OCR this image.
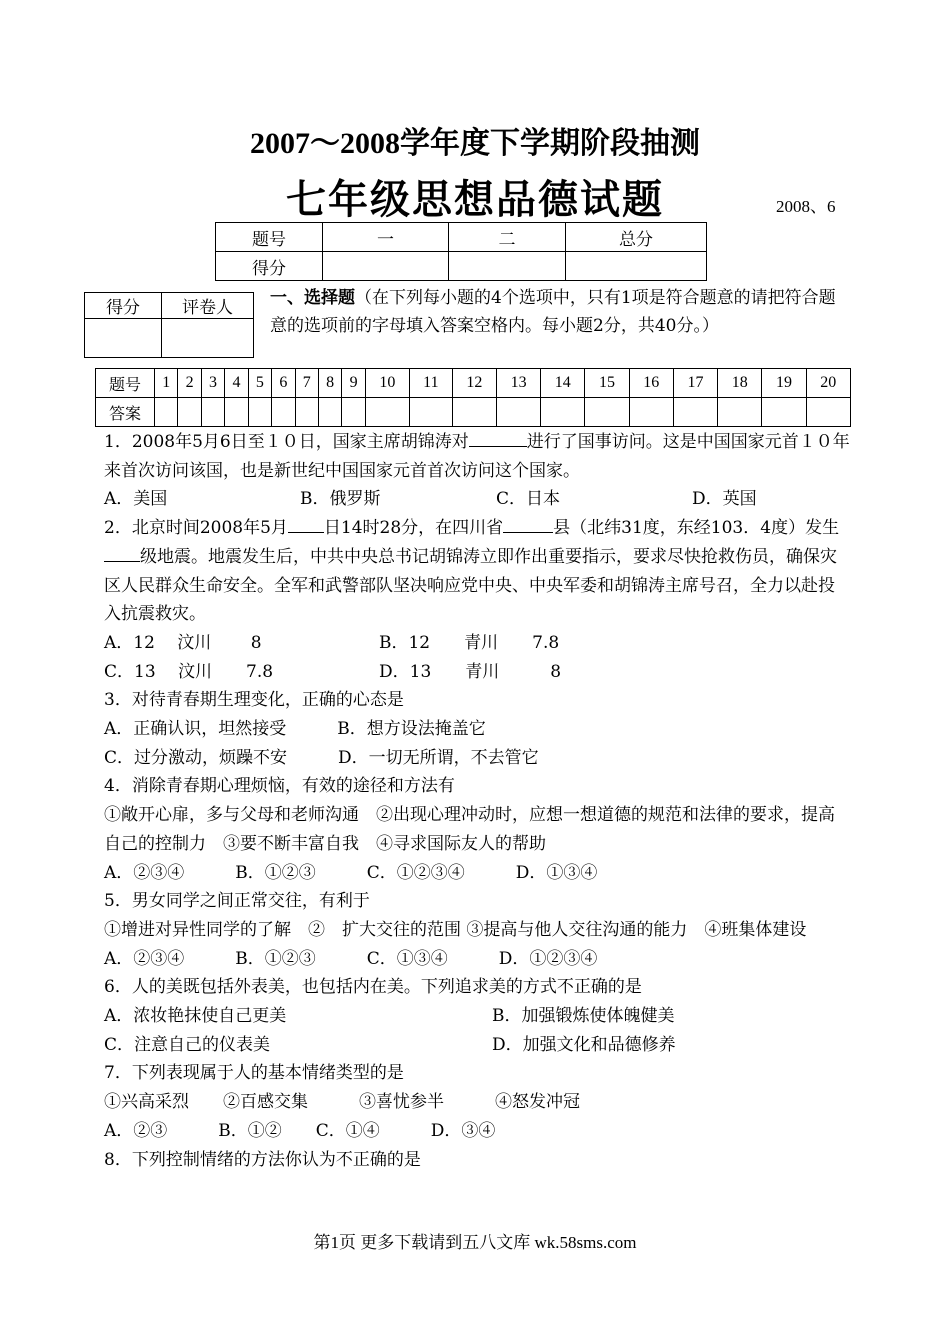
2007～2008学年度下学期阶段抽测
七年级思想品德试题	2008、6
题号	一	二	总分
得分			
得分	评卷人
	一、选择题（在下列每小题的4个选项中，只有1项是符合题意的请把符合题意的选项前的字母填入答案空格内。每小题2分，共40分。）
题号	1	2	3	4	5	6	7	8	9	10	11	12	13	14	15	16	17	18	19	20
答案																				

1．2008年5月6日至１０日，国家主席胡锦涛对	进行了国事访问。这是中国国家元首１０年来首次访问该国，也是新世纪中国国家元首首次访问这个国家。

A．美国	B．俄罗斯	C．日本	D．英国

2．北京时间2008年5月 日14时28分，在四川省	县（北纬31度，东经103．4度）发生级地震。地震发生后，中共中央总书记胡锦涛立即作出重要指示，要求尽快抢救伤员，确保灾区人民群众生命安全。全军和武警部队坚决响应党中央、中央军委和胡锦涛主席号召，全力以赴投入抗震救灾。

A．12　 汶川　　 8	B．12　　青川　　7.8

C．13　 汶川　　7.8	D．13　　青川　　　8

3．对待青春期生理变化，正确的心态是

A．正确认识，坦然接受　　　B．想方设法掩盖它

C．过分激动，烦躁不安　　　D．一切无所谓，不去管它

4．消除青春期心理烦恼，有效的途径和方法有

①敞开心扉，多与父母和老师沟通　②出现心理冲动时，应想一想道德的规范和法律的要求，提高自己的控制力　③要不断丰富自我　④寻求国际友人的帮助

A．②③④　　　B．①②③　　　C．①②③④　　　D．①③④

5．男女同学之间正常交往，有利于

①增进对异性同学的了解　②　扩大交往的范围 ③提高与他人交往沟通的能力　④班集体建设

A．②③④　　　B．①②③　　　C．①③④　　　D．①②③④

6．人的美既包括外表美，也包括内在美。下列追求美的方式不正确的是

A．浓妆艳抹使自己更美	B．加强锻炼使体魄健美

C．注意自己的仪表美	D．加强文化和品德修养

7．下列表现属于人的基本情绪类型的是

①兴高采烈　　②百感交集　　　③喜忧参半　　　④怒发冲冠

A．②③　　　B．①②　　C．①④　　　D．③④

8．下列控制情绪的方法你认为不正确的是

第1页 更多下载请到五八文库 wk.58sms.com
